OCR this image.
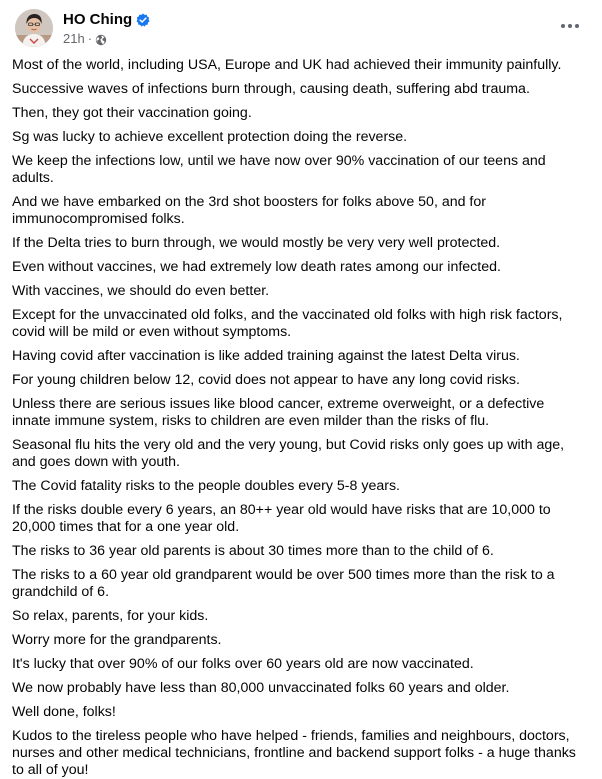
HO Ching
21h ·

Most of the world, including USA, Europe and UK had achieved their immunity painfully.

Successive waves of infections burn through, causing death, suffering abd trauma.

Then, they got their vaccination going.

Sg was lucky to achieve excellent protection doing the reverse.

We keep the infections low, until we have now over 90% vaccination of our teens and adults.

And we have embarked on the 3rd shot boosters for folks above 50, and for immunocompromised folks.

If the Delta tries to burn through, we would mostly be very very well protected.

Even without vaccines, we had extremely low death rates among our infected.

With vaccines, we should do even better.

Except for the unvaccinated old folks, and the vaccinated old folks with high risk factors, covid will be mild or even without symptoms.

Having covid after vaccination is like added training against the latest Delta virus.

For young children below 12, covid does not appear to have any long covid risks.

Unless there are serious issues like blood cancer, extreme overweight, or a defective innate immune system, risks to children are even milder than the risks of flu.

Seasonal flu hits the very old and the very young, but Covid risks only goes up with age, and goes down with youth.

The Covid fatality risks to the people doubles every 5-8 years.

If the risks double every 6 years, an 80++ year old would have risks that are 10,000 to 20,000 times that for a one year old.

The risks to 36 year old parents is about 30 times more than to the child of 6.

The risks to a 60 year old grandparent would be over 500 times more than the risk to a grandchild of 6.

So relax, parents, for your kids.

Worry more for the grandparents.

It's lucky that over 90% of our folks over 60 years old are now vaccinated.

We now probably have less than 80,000 unvaccinated folks 60 years and older.

Well done, folks!

Kudos to the tireless people who have helped - friends, families and neighbours, doctors, nurses and other medical technicians, frontline and backend support folks - a huge thanks to all of you!
